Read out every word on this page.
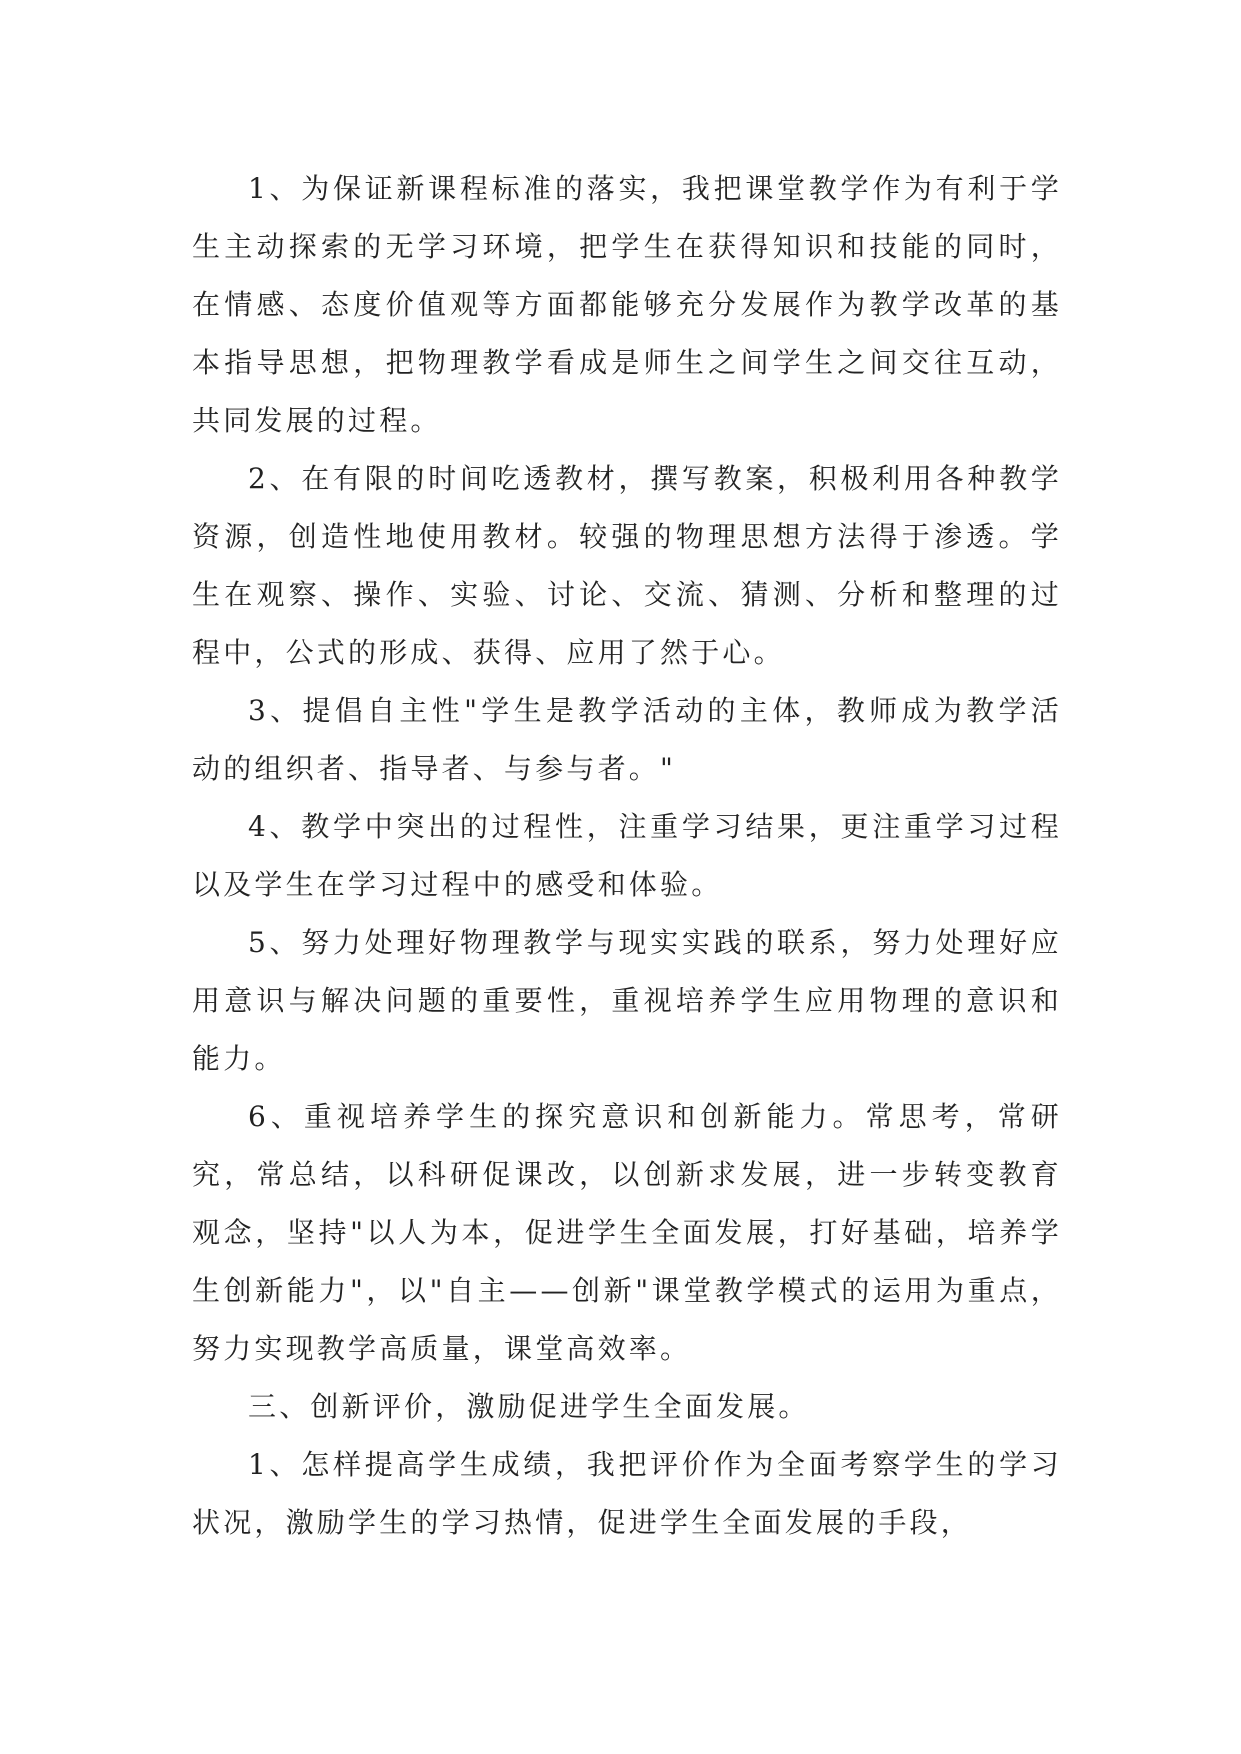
1、为保证新课程标准的落实，我把课堂教学作为有利于学生主动探索的无学习环境，把学生在获得知识和技能的同时，在情感、态度价值观等方面都能够充分发展作为教学改革的基本指导思想，把物理教学看成是师生之间学生之间交往互动，共同发展的过程。

2、在有限的时间吃透教材，撰写教案，积极利用各种教学资源，创造性地使用教材。较强的物理思想方法得于渗透。学生在观察、操作、实验、讨论、交流、猜测、分析和整理的过程中，公式的形成、获得、应用了然于心。

3、提倡自主性"学生是教学活动的主体，教师成为教学活动的组织者、指导者、与参与者。"

4、教学中突出的过程性，注重学习结果，更注重学习过程以及学生在学习过程中的感受和体验。

5、努力处理好物理教学与现实实践的联系，努力处理好应用意识与解决问题的重要性，重视培养学生应用物理的意识和能力。

6、重视培养学生的探究意识和创新能力。常思考，常研究，常总结，以科研促课改，以创新求发展，进一步转变教育观念，坚持"以人为本，促进学生全面发展，打好基础，培养学生创新能力"，以"自主——创新"课堂教学模式的运用为重点，努力实现教学高质量，课堂高效率。

三、创新评价，激励促进学生全面发展。

1、怎样提高学生成绩，我把评价作为全面考察学生的学习状况，激励学生的学习热情，促进学生全面发展的手段，
